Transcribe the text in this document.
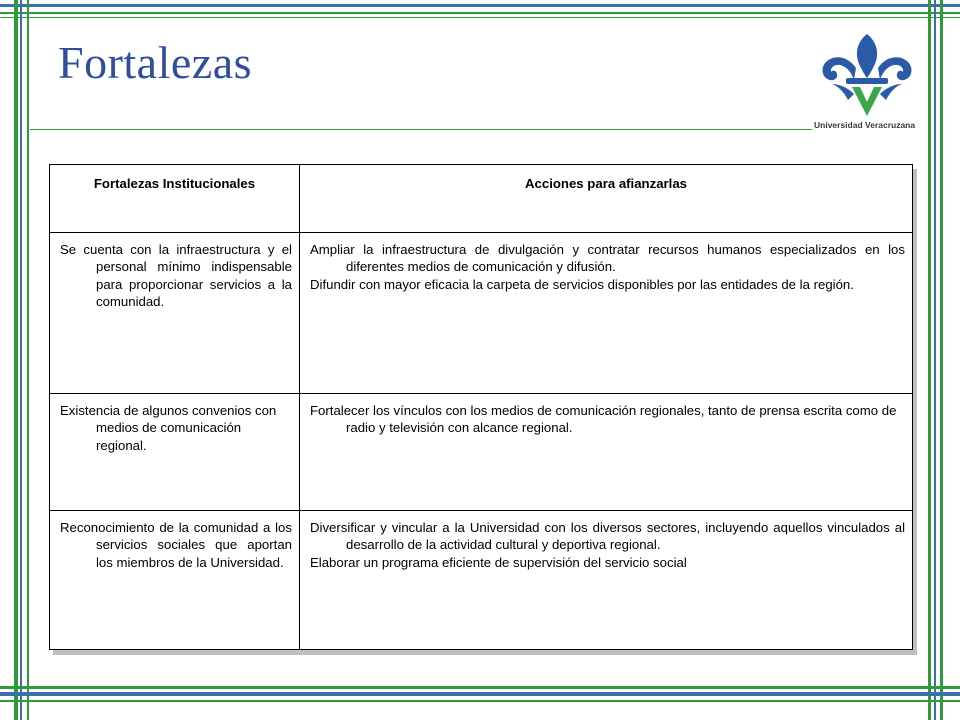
Fortalezas
Universidad Veracruzana
Fortalezas Institucionales	Acciones para afianzarlas

Se cuenta con la infraestructura y el personal mínimo indispensable para proporcionar servicios a la comunidad.	Ampliar la infraestructura de divulgación y contratar recursos humanos especializados en los diferentes medios de comunicación y difusión.

Difundir con mayor eficacia la carpeta de servicios disponibles por las entidades de la región.

Existencia de algunos convenios con medios de comunicación regional.	Fortalecer los vínculos con los medios de comunicación regionales, tanto de prensa escrita como de radio y televisión con alcance regional.

Reconocimiento de la comunidad a los servicios sociales que aportan los miembros de la Universidad.	Diversificar y vincular a la Universidad con los diversos sectores, incluyendo aquellos vinculados al desarrollo de la actividad cultural y deportiva regional.

Elaborar un programa eficiente de supervisión del servicio social
